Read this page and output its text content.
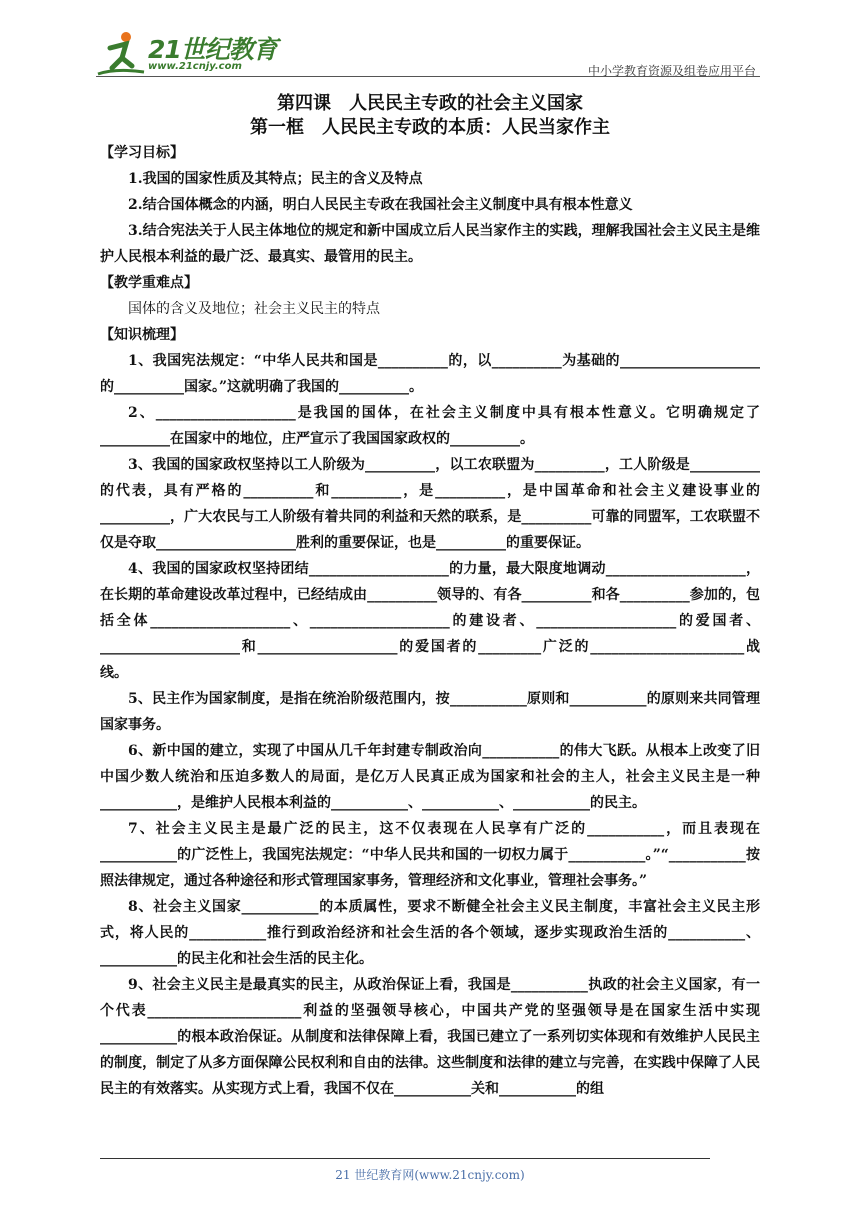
21世纪教育
www.21cnjy.com	中小学教育资源及组卷应用平台

第四课　人民民主专政的社会主义国家

第一框　人民民主专政的本质：人民当家作主

【学习目标】

1.我国的国家性质及其特点；民主的含义及特点

2.结合国体概念的内涵，明白人民民主专政在我国社会主义制度中具有根本性意义

3.结合宪法关于人民主体地位的规定和新中国成立后人民当家作主的实践，理解我国社会主义民主是维护人民根本利益的最广泛、最真实、最管用的民主。

【教学重难点】

国体的含义及地位；社会主义民主的特点

【知识梳理】

1、我国宪法规定：“中华人民共和国是__________的，以__________为基础的____________________的__________国家。”这就明确了我国的__________。

2、____________________是我国的国体，在社会主义制度中具有根本性意义。它明确规定了__________在国家中的地位，庄严宣示了我国国家政权的__________。

3、我国的国家政权坚持以工人阶级为__________，以工农联盟为__________，工人阶级是__________的代表，具有严格的__________和__________，是__________，是中国革命和社会主义建设事业的__________，广大农民与工人阶级有着共同的利益和天然的联系，是__________可靠的同盟军，工农联盟不仅是夺取____________________胜利的重要保证，也是__________的重要保证。

4、我国的国家政权坚持团结____________________的力量，最大限度地调动____________________，在长期的革命建设改革过程中，已经结成由__________领导的、有各__________和各__________参加的，包括全体____________________、____________________的建设者、____________________的爱国者、____________________和____________________的爱国者的_________广泛的______________________战线。

5、民主作为国家制度，是指在统治阶级范围内，按___________原则和___________的原则来共同管理国家事务。

6、新中国的建立，实现了中国从几千年封建专制政治向___________的伟大飞跃。从根本上改变了旧中国少数人统治和压迫多数人的局面，是亿万人民真正成为国家和社会的主人，社会主义民主是一种___________，是维护人民根本利益的___________、___________、___________的民主。

7、社会主义民主是最广泛的民主，这不仅表现在人民享有广泛的___________，而且表现在___________的广泛性上，我国宪法规定：“中华人民共和国的一切权力属于___________。”“___________按照法律规定，通过各种途径和形式管理国家事务，管理经济和文化事业，管理社会事务。”

8、社会主义国家___________的本质属性，要求不断健全社会主义民主制度，丰富社会主义民主形式，将人民的___________推行到政治经济和社会生活的各个领域，逐步实现政治生活的___________、___________的民主化和社会生活的民主化。

9、社会主义民主是最真实的民主，从政治保证上看，我国是___________执政的社会主义国家，有一个代表______________________利益的坚强领导核心，中国共产党的坚强领导是在国家生活中实现___________的根本政治保证。从制度和法律保障上看，我国已建立了一系列切实体现和有效维护人民民主的制度，制定了从多方面保障公民权利和自由的法律。这些制度和法律的建立与完善，在实践中保障了人民民主的有效落实。从实现方式上看，我国不仅在___________关和___________的组

21 世纪教育网(www.21cnjy.com)
